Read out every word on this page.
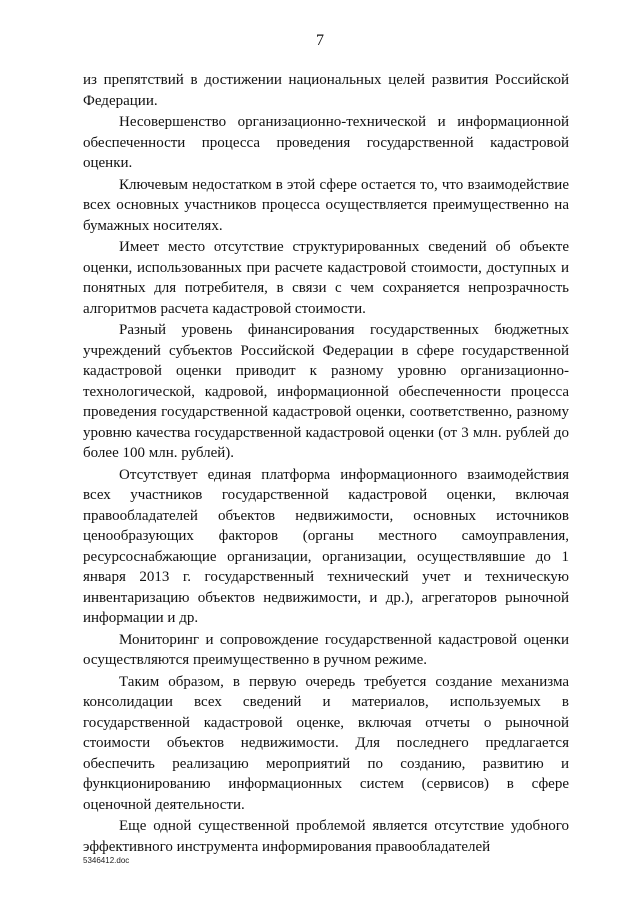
7

из препятствий в достижении национальных целей развития Российской Федерации.

Несовершенство организационно-технической и информационной обеспеченности процесса проведения государственной кадастровой оценки.

Ключевым недостатком в этой сфере остается то, что взаимодействие всех основных участников процесса осуществляется преимущественно на бумажных носителях.

Имеет место отсутствие структурированных сведений об объекте оценки, использованных при расчете кадастровой стоимости, доступных и понятных для потребителя, в связи с чем сохраняется непрозрачность алгоритмов расчета кадастровой стоимости.

Разный уровень финансирования государственных бюджетных учреждений субъектов Российской Федерации в сфере государственной кадастровой оценки приводит к разному уровню организационно-технологической, кадровой, информационной обеспеченности процесса проведения государственной кадастровой оценки, соответственно, разному уровню качества государственной кадастровой оценки (от 3 млн. рублей до более 100 млн. рублей).

Отсутствует единая платформа информационного взаимодействия всех участников государственной кадастровой оценки, включая правообладателей объектов недвижимости, основных источников ценообразующих факторов (органы местного самоуправления, ресурсоснабжающие организации, организации, осуществлявшие до 1 января 2013 г. государственный технический учет и техническую инвентаризацию объектов недвижимости, и др.), агрегаторов рыночной информации и др.

Мониторинг и сопровождение государственной кадастровой оценки осуществляются преимущественно в ручном режиме.

Таким образом, в первую очередь требуется создание механизма консолидации всех сведений и материалов, используемых в государственной кадастровой оценке, включая отчеты о рыночной стоимости объектов недвижимости. Для последнего предлагается обеспечить реализацию мероприятий по созданию, развитию и функционированию информационных систем (сервисов) в сфере оценочной деятельности.

Еще одной существенной проблемой является отсутствие удобного эффективного инструмента информирования правообладателей

5346412.doc
